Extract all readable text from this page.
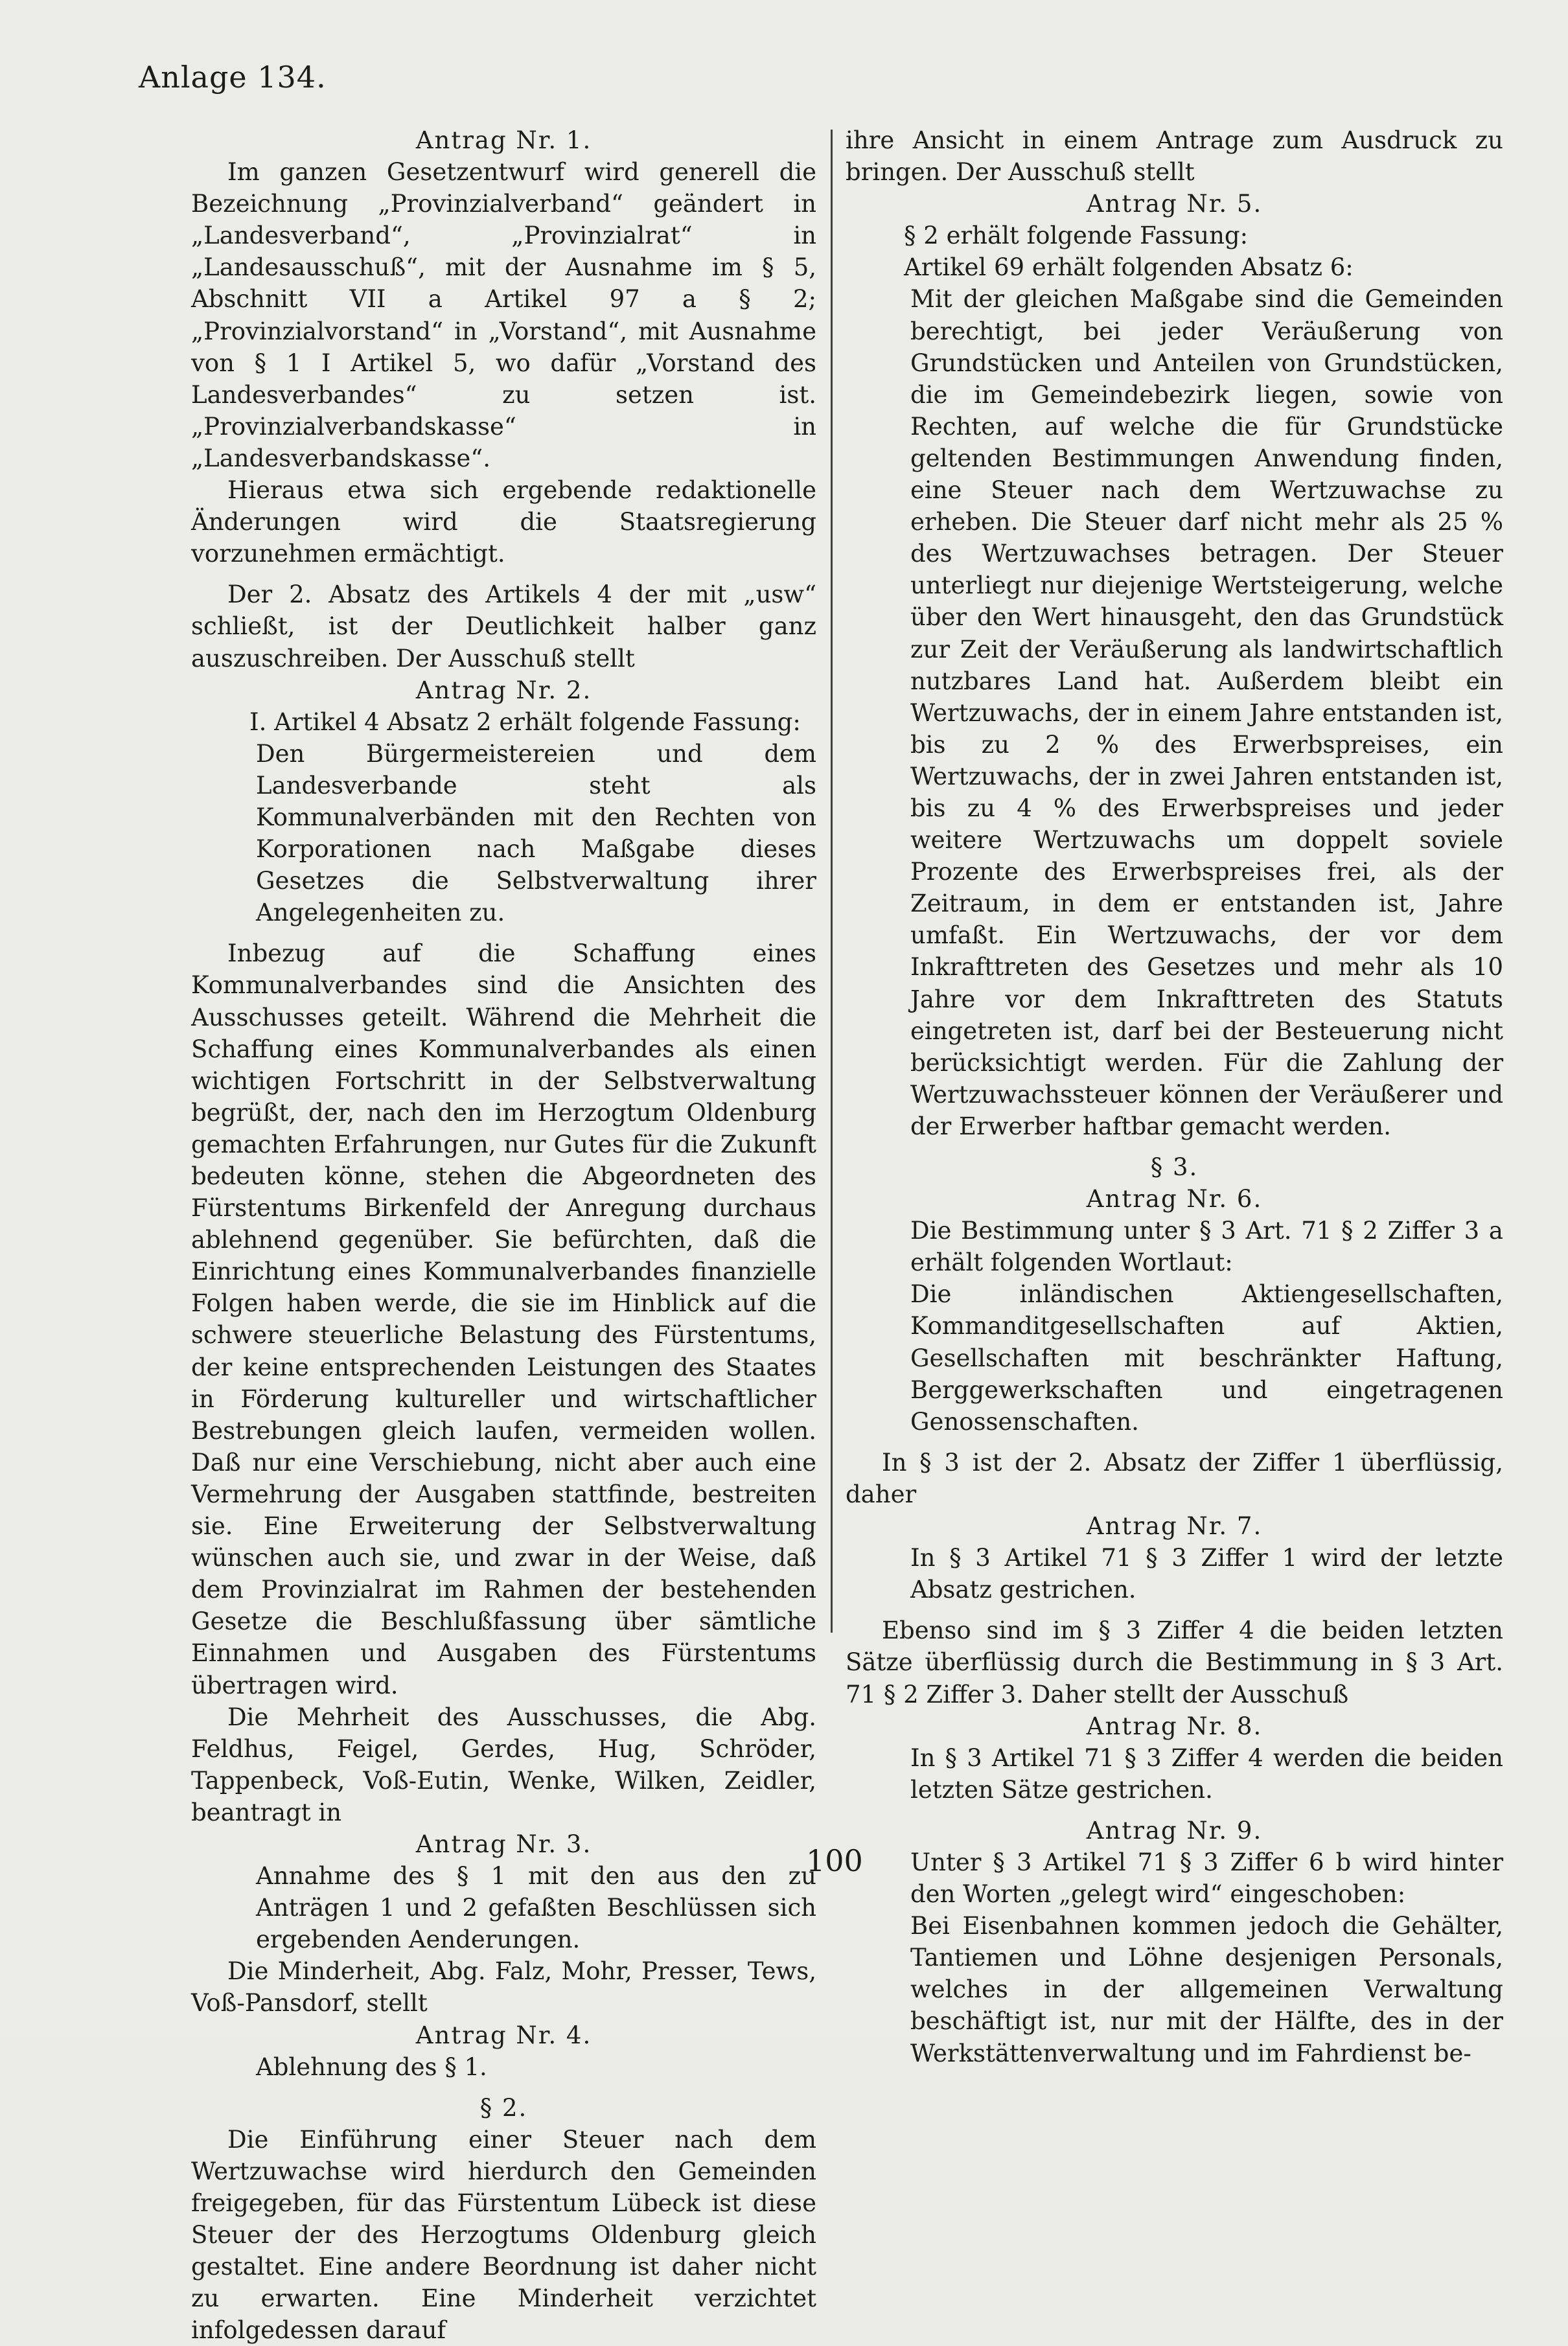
Anlage 134.

Antrag Nr. 1.

Im ganzen Gesetzentwurf wird generell die Bezeichnung „Provinzialverband“ geändert in „Landesverband“, „Provinzialrat“ in „Landesausschuß“, mit der Ausnahme im § 5, Abschnitt VII a Artikel 97 a § 2; „Provinzialvorstand“ in „Vorstand“, mit Ausnahme von § 1 I Artikel 5, wo dafür „Vorstand des Landesverbandes“ zu setzen ist. „Provinzialverbandskasse“ in „Landesverbandskasse“.

Hieraus etwa sich ergebende redaktionelle Änderungen wird die Staatsregierung vorzunehmen ermächtigt.

Der 2. Absatz des Artikels 4 der mit „usw“ schließt, ist der Deutlichkeit halber ganz auszuschreiben. Der Ausschuß stellt

Antrag Nr. 2.

I. Artikel 4 Absatz 2 erhält folgende Fassung:

Den Bürgermeistereien und dem Landesverbande steht als Kommunalverbänden mit den Rechten von Korporationen nach Maßgabe dieses Gesetzes die Selbstverwaltung ihrer Angelegenheiten zu.

Inbezug auf die Schaffung eines Kommunalverbandes sind die Ansichten des Ausschusses geteilt. Während die Mehrheit die Schaffung eines Kommunalverbandes als einen wichtigen Fortschritt in der Selbstverwaltung begrüßt, der, nach den im Herzogtum Oldenburg gemachten Erfahrungen, nur Gutes für die Zukunft bedeuten könne, stehen die Abgeordneten des Fürstentums Birkenfeld der Anregung durchaus ablehnend gegenüber. Sie befürchten, daß die Einrichtung eines Kommunalverbandes finanzielle Folgen haben werde, die sie im Hinblick auf die schwere steuerliche Belastung des Fürstentums, der keine entsprechenden Leistungen des Staates in Förderung kultureller und wirtschaftlicher Bestrebungen gleich laufen, vermeiden wollen. Daß nur eine Verschiebung, nicht aber auch eine Vermehrung der Ausgaben stattfinde, bestreiten sie. Eine Erweiterung der Selbstverwaltung wünschen auch sie, und zwar in der Weise, daß dem Provinzialrat im Rahmen der bestehenden Gesetze die Beschlußfassung über sämtliche Einnahmen und Ausgaben des Fürstentums übertragen wird.

Die Mehrheit des Ausschusses, die Abg. Feldhus, Feigel, Gerdes, Hug, Schröder, Tappenbeck, Voß-Eutin, Wenke, Wilken, Zeidler, beantragt in

Antrag Nr. 3.

Annahme des § 1 mit den aus den zu Anträgen 1 und 2 gefaßten Beschlüssen sich ergebenden Aenderungen.

Die Minderheit, Abg. Falz, Mohr, Presser, Tews, Voß-Pansdorf, stellt

Antrag Nr. 4.

Ablehnung des § 1.

§ 2.

Die Einführung einer Steuer nach dem Wertzuwachse wird hierdurch den Gemeinden freigegeben, für das Fürstentum Lübeck ist diese Steuer der des Herzogtums Oldenburg gleich gestaltet. Eine andere Beordnung ist daher nicht zu erwarten. Eine Minderheit verzichtet infolgedessen darauf

ihre Ansicht in einem Antrage zum Ausdruck zu bringen. Der Ausschuß stellt

Antrag Nr. 5.

§ 2 erhält folgende Fassung:

Artikel 69 erhält folgenden Absatz 6:

Mit der gleichen Maßgabe sind die Gemeinden berechtigt, bei jeder Veräußerung von Grundstücken und Anteilen von Grundstücken, die im Gemeindebezirk liegen, sowie von Rechten, auf welche die für Grundstücke geltenden Bestimmungen Anwendung finden, eine Steuer nach dem Wertzuwachse zu erheben. Die Steuer darf nicht mehr als 25 % des Wertzuwachses betragen. Der Steuer unterliegt nur diejenige Wertsteigerung, welche über den Wert hinausgeht, den das Grundstück zur Zeit der Veräußerung als landwirtschaftlich nutzbares Land hat. Außerdem bleibt ein Wertzuwachs, der in einem Jahre entstanden ist, bis zu 2 % des Erwerbspreises, ein Wertzuwachs, der in zwei Jahren entstanden ist, bis zu 4 % des Erwerbspreises und jeder weitere Wertzuwachs um doppelt soviele Prozente des Erwerbspreises frei, als der Zeitraum, in dem er entstanden ist, Jahre umfaßt. Ein Wertzuwachs, der vor dem Inkrafttreten des Gesetzes und mehr als 10 Jahre vor dem Inkrafttreten des Statuts eingetreten ist, darf bei der Besteuerung nicht berücksichtigt werden. Für die Zahlung der Wertzuwachssteuer können der Veräußerer und der Erwerber haftbar gemacht werden.

§ 3.

Antrag Nr. 6.

Die Bestimmung unter § 3 Art. 71 § 2 Ziffer 3 a erhält folgenden Wortlaut:

Die inländischen Aktiengesellschaften, Kommanditgesellschaften auf Aktien, Gesellschaften mit beschränkter Haftung, Berggewerkschaften und eingetragenen Genossenschaften.

In § 3 ist der 2. Absatz der Ziffer 1 überflüssig, daher

Antrag Nr. 7.

In § 3 Artikel 71 § 3 Ziffer 1 wird der letzte Absatz gestrichen.

Ebenso sind im § 3 Ziffer 4 die beiden letzten Sätze überflüssig durch die Bestimmung in § 3 Art. 71 § 2 Ziffer 3. Daher stellt der Ausschuß

Antrag Nr. 8.

In § 3 Artikel 71 § 3 Ziffer 4 werden die beiden letzten Sätze gestrichen.

Antrag Nr. 9.

Unter § 3 Artikel 71 § 3 Ziffer 6 b wird hinter den Worten „gelegt wird“ eingeschoben:

Bei Eisenbahnen kommen jedoch die Gehälter, Tantiemen und Löhne desjenigen Personals, welches in der allgemeinen Verwaltung beschäftigt ist, nur mit der Hälfte, des in der Werkstättenverwaltung und im Fahrdienst be-

100
